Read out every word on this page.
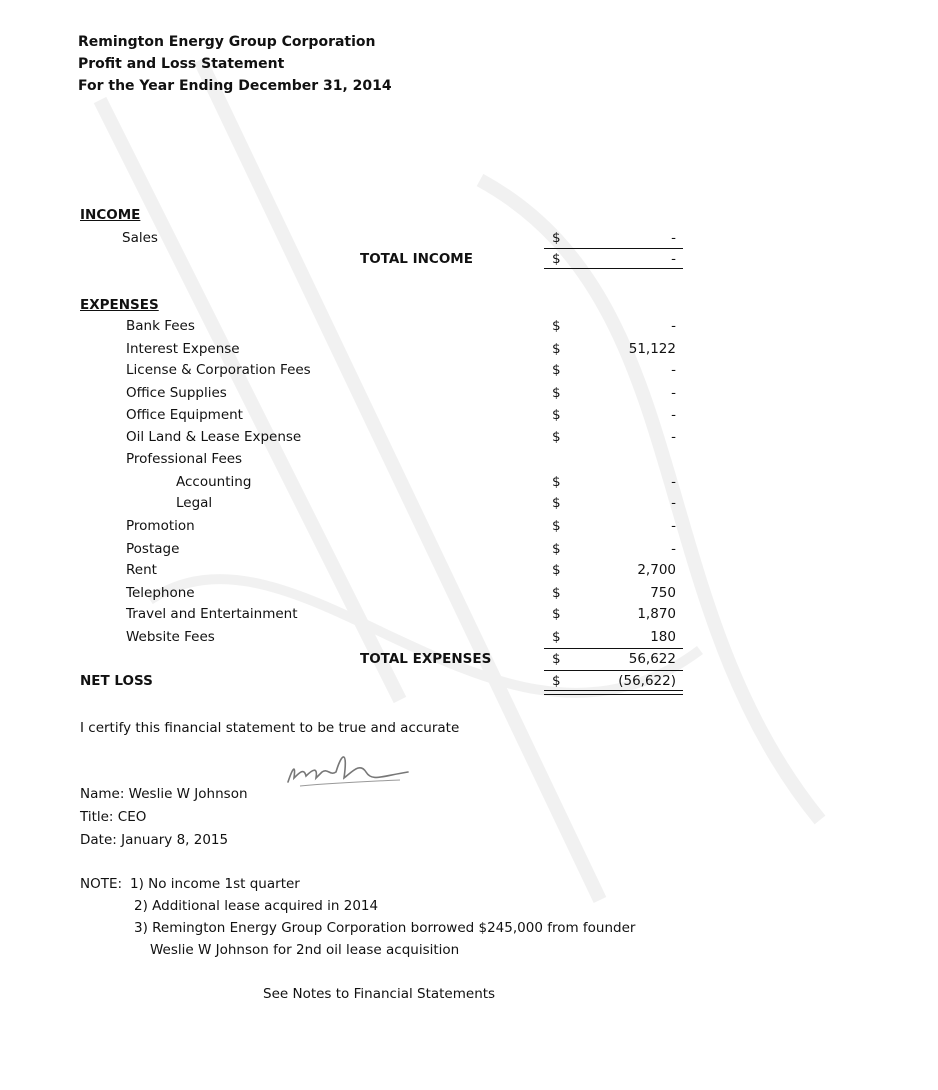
Remington Energy Group Corporation
Profit and Loss Statement
For the Year Ending December 31, 2014
INCOME
Sales	$	-
TOTAL INCOME	$	-
EXPENSES
Bank Fees	$	-
Interest Expense	$	51,122
License & Corporation Fees	$	-
Office Supplies	$	-
Office Equipment	$	-
Oil Land & Lease Expense	$	-
Professional Fees
Accounting	$	-
Legal	$	-
Promotion	$	-
Postage	$	-
Rent	$	2,700
Telephone	$	750
Travel and Entertainment	$	1,870
Website Fees	$	180
TOTAL EXPENSES	$	56,622
NET LOSS	$	(56,622)
I certify this financial statement to be true and accurate
Name: Weslie W Johnson
Title: CEO
Date: January 8, 2015
NOTE: 1) No income 1st quarter
2) Additional lease acquired in 2014
3) Remington Energy Group Corporation borrowed $245,000 from founder
Weslie W Johnson for 2nd oil lease acquisition
See Notes to Financial Statements
